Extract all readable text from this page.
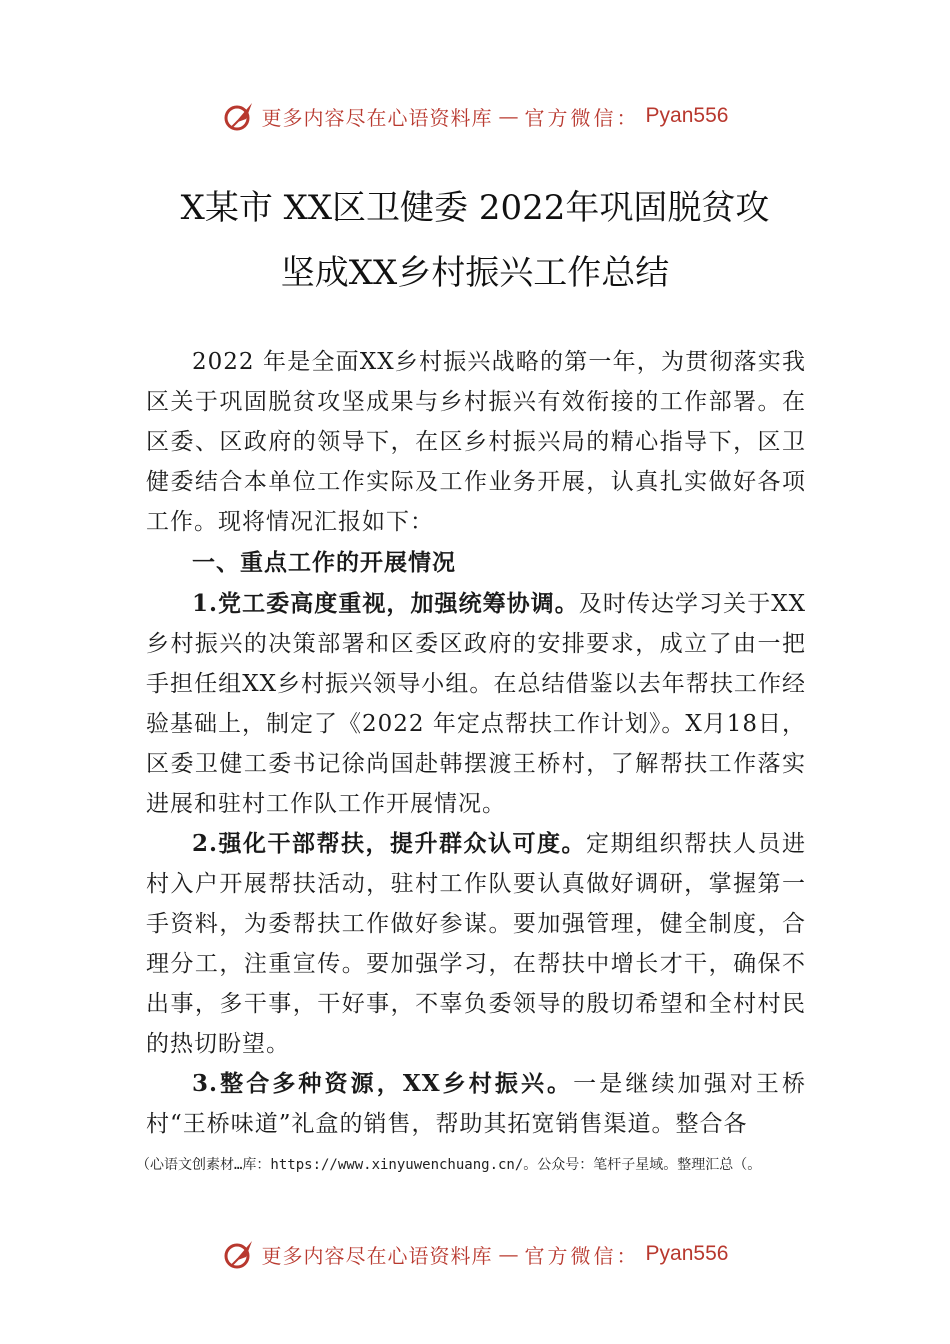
更多内容尽在心语资料库 — 官方微信： Pyan556
X某市 XX区卫健委 2022年巩固脱贫攻
坚成XX乡村振兴工作总结

2022 年是全面XX乡村振兴战略的第一年，为贯彻落实我区关于巩固脱贫攻坚成果与乡村振兴有效衔接的工作部署。在区委、区政府的领导下，在区乡村振兴局的精心指导下，区卫健委结合本单位工作实际及工作业务开展，认真扎实做好各项工作。现将情况汇报如下：

一、重点工作的开展情况

1.党工委高度重视，加强统筹协调。及时传达学习关于XX乡村振兴的决策部署和区委区政府的安排要求，成立了由一把手担任组XX乡村振兴领导小组。在总结借鉴以去年帮扶工作经验基础上，制定了《2022 年定点帮扶工作计划》。X月18日，区委卫健工委书记徐尚国赴韩摆渡王桥村，了解帮扶工作落实进展和驻村工作队工作开展情况。

2.强化干部帮扶，提升群众认可度。定期组织帮扶人员进村入户开展帮扶活动，驻村工作队要认真做好调研，掌握第一手资料，为委帮扶工作做好参谋。要加强管理，健全制度，合理分工，注重宣传。要加强学习，在帮扶中增长才干，确保不出事，多干事，干好事，不辜负委领导的殷切希望和全村村民的热切盼望。

3.整合多种资源，XX乡村振兴。一是继续加强对王桥 村“王桥味道”礼盒的销售，帮助其拓宽销售渠道。整合各

（心语文创素材…库：https://www.xinyuwenchuang.cn/。公众号：笔杆子星域。整理汇总（。
更多内容尽在心语资料库 — 官方微信： Pyan556
